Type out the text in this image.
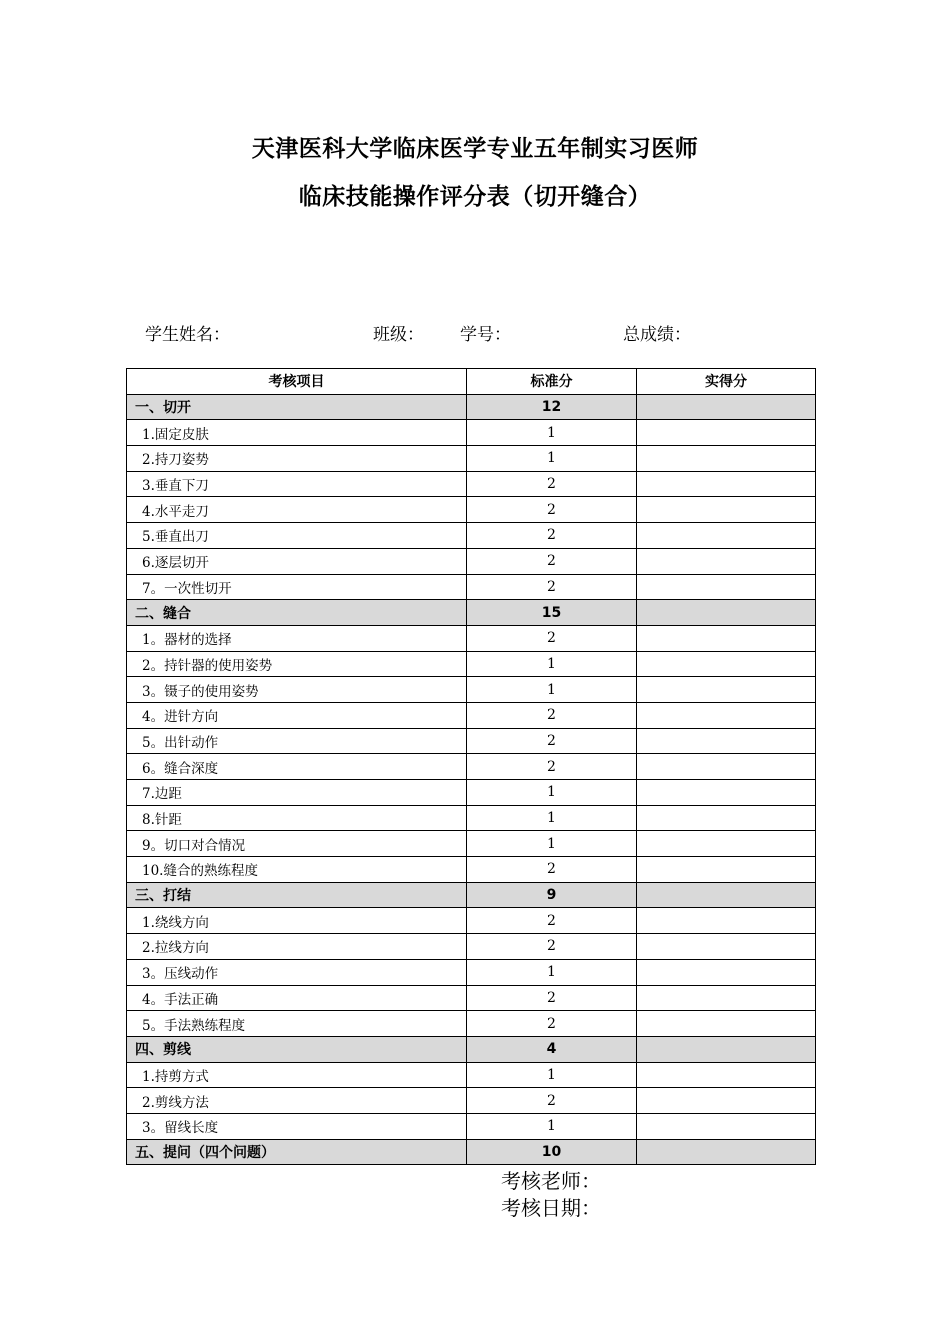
天津医科大学临床医学专业五年制实习医师
临床技能操作评分表（切开缝合）
学生姓名：	班级： 学号：	总成绩：
考核项目	标准分	实得分
一、切开	12	
1.固定皮肤	1	
2.持刀姿势	1	
3.垂直下刀	2	
4.水平走刀	2	
5.垂直出刀	2	
6.逐层切开	2	
7。一次性切开	2	
二、缝合	15	
1。器材的选择	2	
2。持针器的使用姿势	1	
3。镊子的使用姿势	1	
4。进针方向	2	
5。出针动作	2	
6。缝合深度	2	
7.边距	1	
8.针距	1	
9。切口对合情况	1	
10.缝合的熟练程度	2	
三、打结	9	
1.绕线方向	2	
2.拉线方向	2	
3。压线动作	1	
4。手法正确	2	
5。手法熟练程度	2	
四、剪线	4	
1.持剪方式	1	
2.剪线方法	2	
3。留线长度	1	
五、提问（四个问题）	10	
考核老师：
考核日期：
